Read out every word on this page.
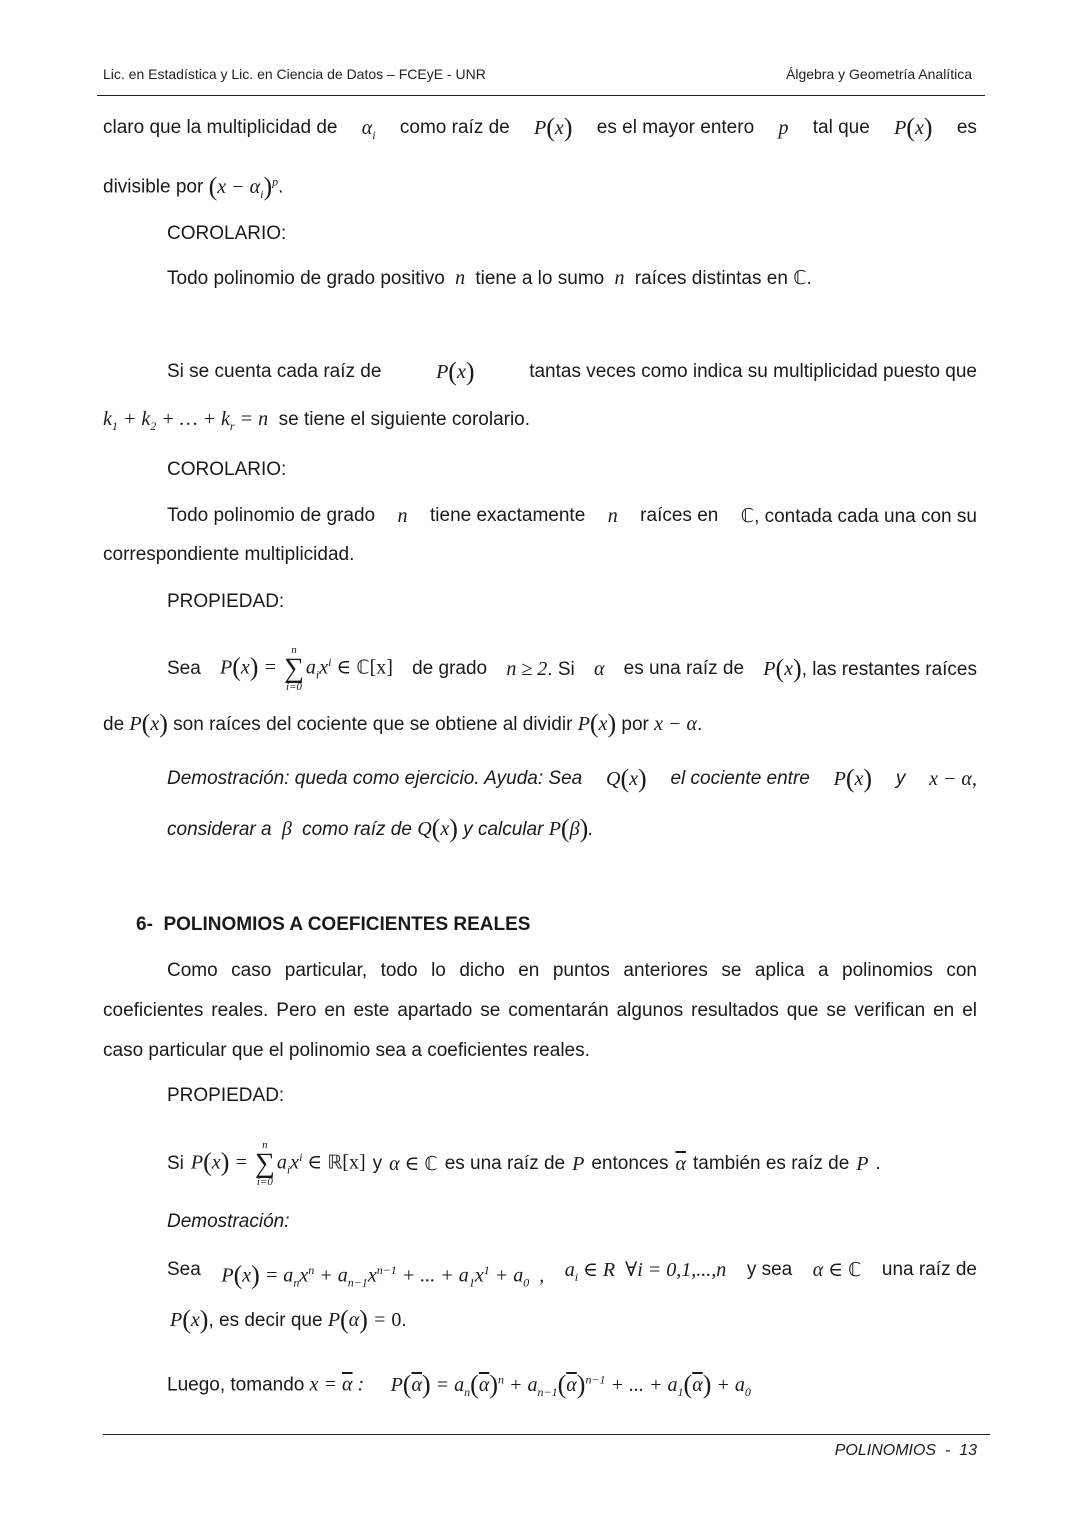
Lic. en Estadística y Lic. en Ciencia de Datos – FCEyE - UNR	Álgebra y Geometría Analítica
claro que la multiplicidad de $\alpha_i$ como raíz de P(x) es el mayor entero p tal que P(x) es
divisible por $(x - \alpha_i)^p$.
COROLARIO:
Todo polinomio de grado positivo  n  tiene a lo sumo  n  raíces distintas en ℂ.
Si se cuenta cada raíz de	P(x)	tantas veces como indica su multiplicidad puesto que
$k_1 + k_2$ + … + $k_r = n$ se tiene el siguiente corolario.
COROLARIO:
Todo polinomio de grado n tiene exactamente n raíces en ℂ, contada cada una con su
correspondiente multiplicidad.
PROPIEDAD:
Sea P(x) =
n
∑
i=0
$a_ix^i$ ∈ ℂ[x] de grado n ≥ 2. Si α es una raíz de P(x), las restantes raíces
de P(x) son raíces del cociente que se obtiene al dividir P(x) por x − α.
Demostración: queda como ejercicio. Ayuda: Sea Q(x) el cociente entre P(x) y x − α,
considerar a  β  como raíz de Q(x) y calcular P(β).
6-  POLINOMIOS A COEFICIENTES REALES
Como caso particular, todo lo dicho en puntos anteriores se aplica a polinomios con
coeficientes reales. Pero en este apartado se comentarán algunos resultados que se verifican en el
caso particular que el polinomio sea a coeficientes reales.
PROPIEDAD:
Si P(x) =
n
∑
i=0
$a_ix^i$ ∈ ℝ[x] y α ∈ ℂ es una raíz de P entonces $\overline{\alpha}$ también es raíz de P .
Demostración:
Sea $P(x) = a_nx^n + a_{n-1}x^{n-1}$ + ... + $a_1x^1 + a_0$  , $a_i$ ∈ R  ∀i = 0,1,...,n y sea α ∈ ℂ una raíz de
P(x), es decir que P(α) = 0.
Luego, tomando $x = \overline{\alpha}$ : $P(\overline{\alpha}) = a_n(\overline{\alpha})^n + a_{n-1}(\overline{\alpha})^{n-1}$ + ... + $a_1(\overline{\alpha}) + a_0$
POLINOMIOS  -  13
